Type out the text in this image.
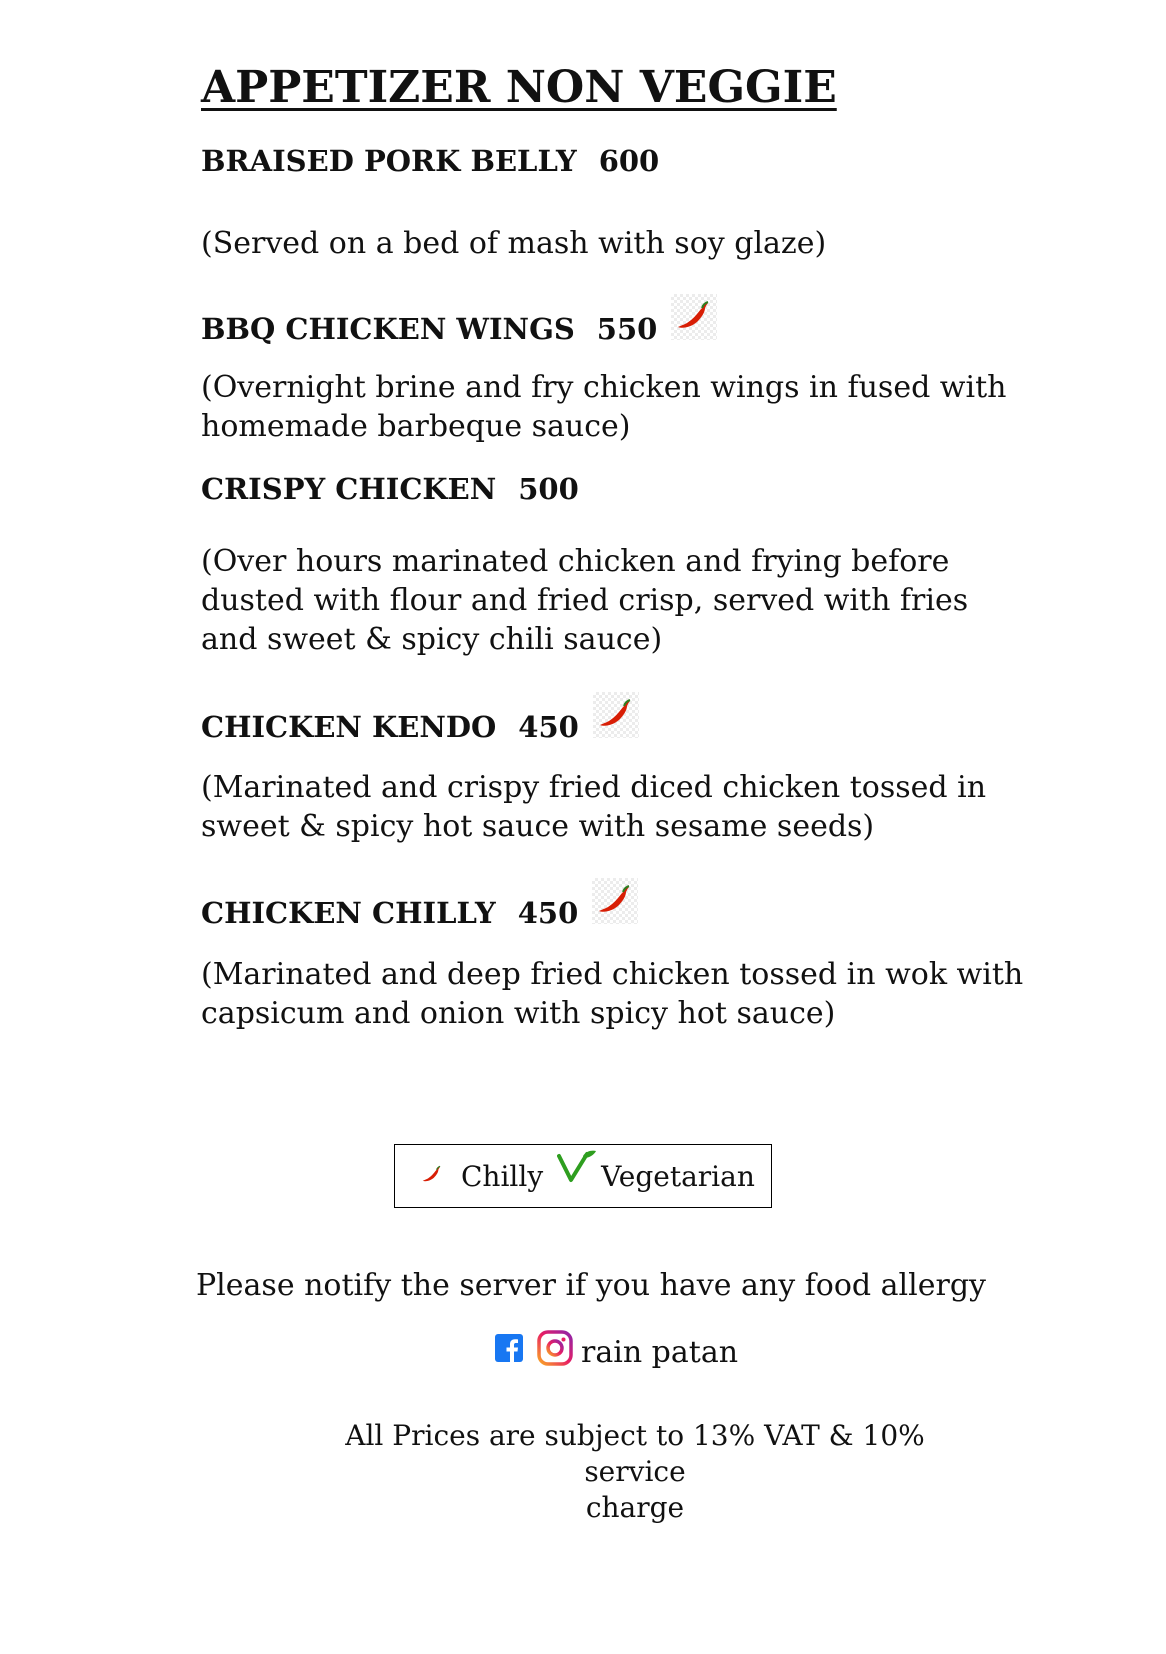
APPETIZER NON VEGGIE
BRAISED PORK BELLY 600
(Served on a bed of mash with soy glaze)
BBQ CHICKEN WINGS 550
(Overnight brine and fry chicken wings in fused with
homemade barbeque sauce)
CRISPY CHICKEN 500
(Over hours marinated chicken and frying before
dusted with flour and fried crisp, served with fries
and sweet & spicy chili sauce)
CHICKEN KENDO 450
(Marinated and crispy fried diced chicken tossed in
sweet & spicy hot sauce with sesame seeds)
CHICKEN CHILLY 450
(Marinated and deep fried chicken tossed in wok with
capsicum and onion with spicy hot sauce)
Chilly Vegetarian

Please notify the server if you have any food allergy

rain patan
All Prices are subject to 13% VAT & 10% service
charge
